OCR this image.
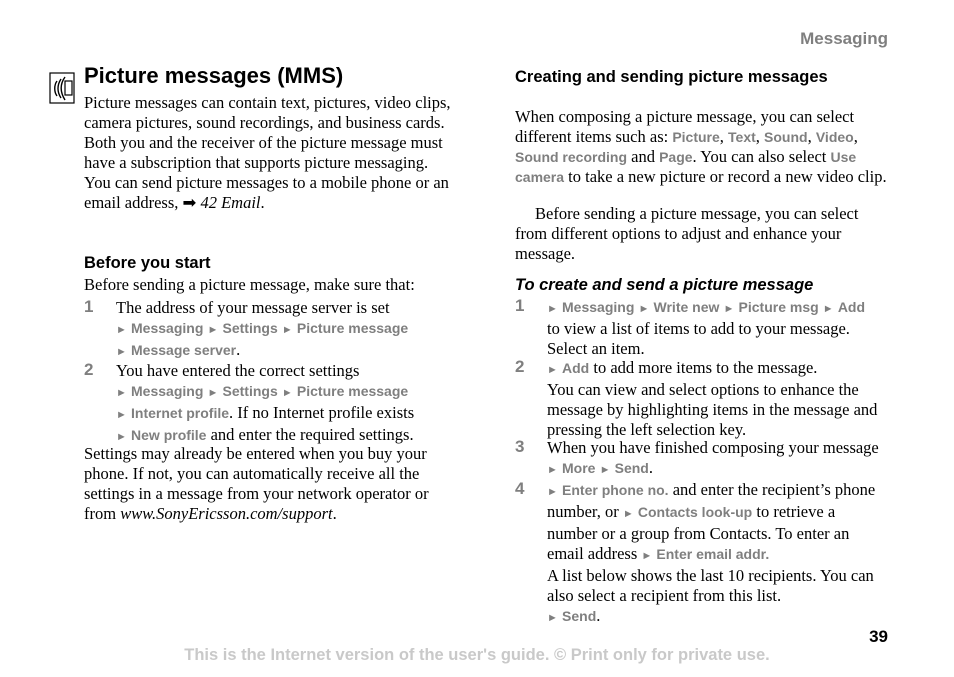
Messaging
Picture messages (MMS)
Picture messages can contain text, pictures, video clips, camera pictures, sound recordings, and business cards. Both you and the receiver of the picture message must have a subscription that supports picture messaging. You can send picture messages to a mobile phone or an email address, ➡ 42 Email.
Before you start
Before sending a picture message, make sure that:
1 The address of your message server is set
► Messaging ► Settings ► Picture message
► Message server.
2 You have entered the correct settings
► Messaging ► Settings ► Picture message
► Internet profile. If no Internet profile exists
► New profile and enter the required settings.
Settings may already be entered when you buy your phone. If not, you can automatically receive all the settings in a message from your network operator or from www.SonyEricsson.com/support.
Creating and sending picture messages
When composing a picture message, you can select different items such as: Picture, Text, Sound, Video, Sound recording and Page. You can also select Use camera to take a new picture or record a new video clip.
Before sending a picture message, you can select from different options to adjust and enhance your message.
To create and send a picture message
1 ► Messaging ► Write new ► Picture msg ► Add
to view a list of items to add to your message. Select an item.
2 ► Add to add more items to the message.
You can view and select options to enhance the message by highlighting items in the message and pressing the left selection key.
3 When you have finished composing your message ► More ► Send.
4 ► Enter phone no. and enter the recipient’s phone number, or ► Contacts look-up to retrieve a number or a group from Contacts. To enter an email address ► Enter email addr.
A list below shows the last 10 recipients. You can also select a recipient from this list.
► Send.
39
This is the Internet version of the user's guide. © Print only for private use.
